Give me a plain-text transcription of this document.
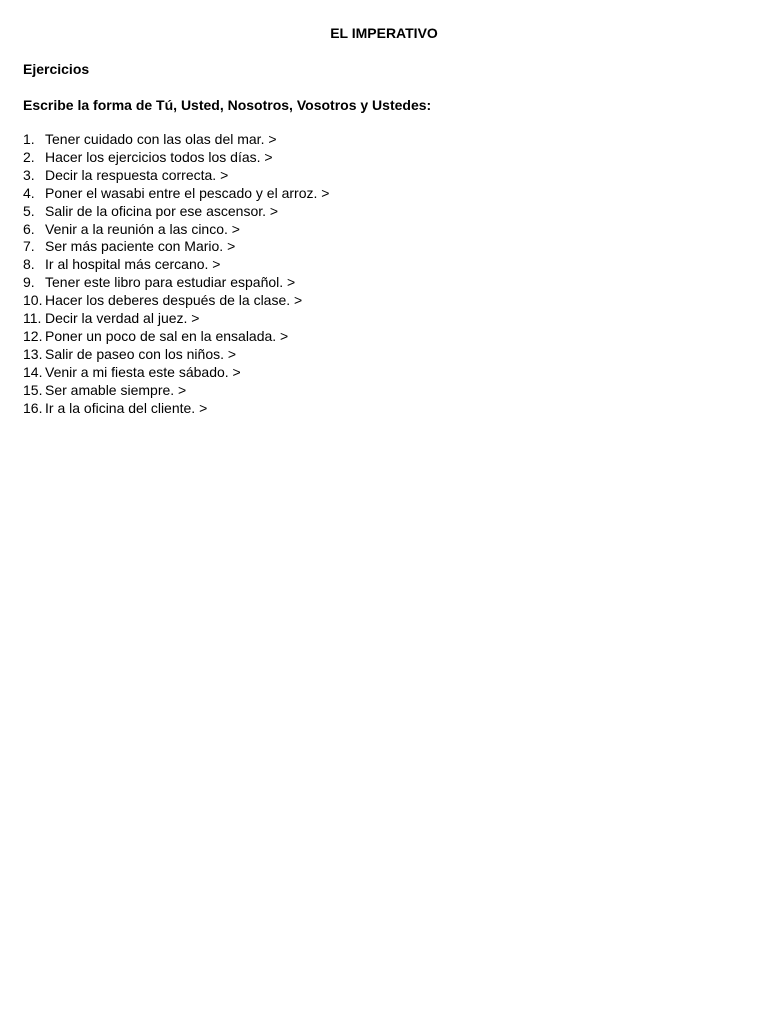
EL IMPERATIVO
Ejercicios
Escribe la forma de Tú, Usted, Nosotros, Vosotros y Ustedes:
1. Tener cuidado con las olas del mar. >
2. Hacer los ejercicios todos los días. >
3. Decir la respuesta correcta. >
4. Poner el wasabi entre el pescado y el arroz. >
5. Salir de la oficina por ese ascensor. >
6. Venir a la reunión a las cinco. >
7. Ser más paciente con Mario. >
8. Ir al hospital más cercano. >
9. Tener este libro para estudiar español. >
10. Hacer los deberes después de la clase. >
11. Decir la verdad al juez. >
12. Poner un poco de sal en la ensalada. >
13. Salir de paseo con los niños. >
14. Venir a mi fiesta este sábado. >
15. Ser amable siempre. >
16. Ir a la oficina del cliente. >
